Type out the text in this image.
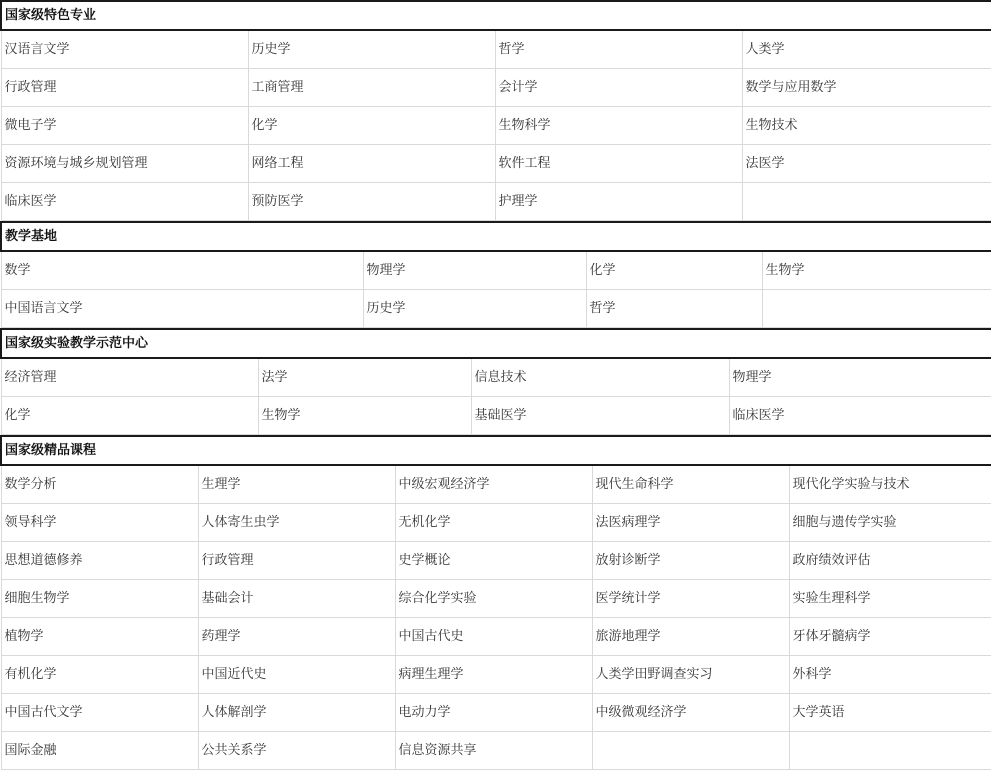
国家级特色专业			
汉语言文学	历史学	哲学	人类学
行政管理	工商管理	会计学	数学与应用数学
微电子学	化学	生物科学	生物技术
资源环境与城乡规划管理	网络工程	软件工程	法医学
临床医学	预防医学	护理学	
教学基地			
数学	物理学	化学	生物学
中国语言文学	历史学	哲学	
国家级实验教学示范中心			
经济管理	法学	信息技术	物理学
化学	生物学	基础医学	临床医学
国家级精品课程				
数学分析	生理学	中级宏观经济学	现代生命科学	现代化学实验与技术
领导科学	人体寄生虫学	无机化学	法医病理学	细胞与遗传学实验
思想道德修养	行政管理	史学概论	放射诊断学	政府绩效评估
细胞生物学	基础会计	综合化学实验	医学统计学	实验生理科学
植物学	药理学	中国古代史	旅游地理学	牙体牙髓病学
有机化学	中国近代史	病理生理学	人类学田野调查实习	外科学
中国古代文学	人体解剖学	电动力学	中级微观经济学	大学英语
国际金融	公共关系学	信息资源共享		
